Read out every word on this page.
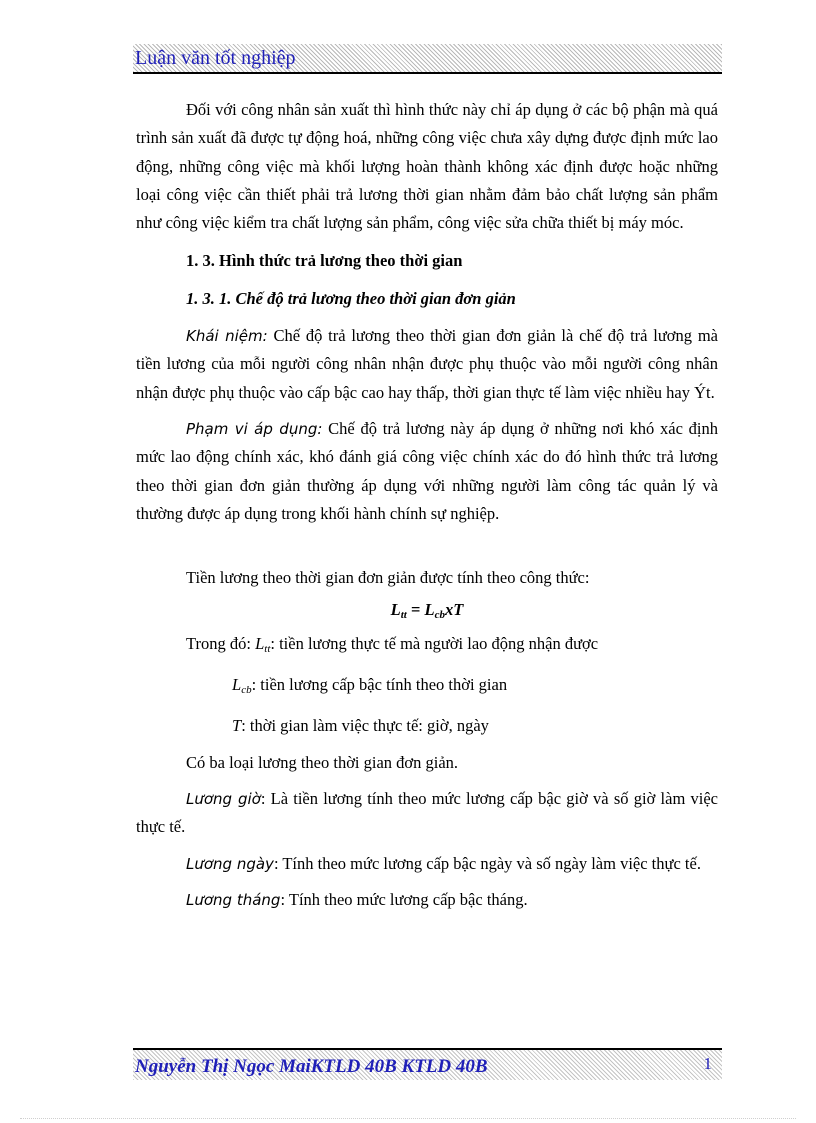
Luận văn tốt nghiệp

Đối với công nhân sản xuất thì hình thức này chỉ áp dụng ở các bộ phận mà quá trình sản xuất đã được tự động hoá, những công việc chưa xây dựng được định mức lao động, những công việc mà khối lượng hoàn thành không xác định được hoặc những loại công việc cần thiết phải trả lương thời gian nhằm đảm bảo chất lượng sản phẩm như công việc kiểm tra chất lượng sản phẩm, công việc sửa chữa thiết bị máy móc.

1. 3. Hình thức trả lương theo thời gian

1. 3. 1. Chế độ trả lương theo thời gian đơn giản

Khái niệm: Chế độ trả lương theo thời gian đơn giản là chế độ trả lương mà tiền lương của mỗi người công nhân nhận được phụ thuộc vào mỗi người công nhân nhận được phụ thuộc vào cấp bậc cao hay thấp, thời gian thực tế làm việc nhiều hay Ýt.

Phạm vi áp dụng: Chế độ trả lương này áp dụng ở những nơi khó xác định mức lao động chính xác, khó đánh giá công việc chính xác do đó hình thức trả lương theo thời gian đơn giản thường áp dụng với những người làm công tác quản lý và thường được áp dụng trong khối hành chính sự nghiệp.

Tiền lương theo thời gian đơn giản được tính theo công thức:

$L_{tt} = L_{cb}xT$

Trong đó: $L_{tt}$: tiền lương thực tế mà người lao động nhận được

$L_{cb}$: tiền lương cấp bậc tính theo thời gian

T: thời gian làm việc thực tế: giờ, ngày

Có ba loại lương theo thời gian đơn giản.

Lương giờ: Là tiền lương tính theo mức lương cấp bậc giờ và số giờ làm việc thực tế.

Lương ngày: Tính theo mức lương cấp bậc ngày và số ngày làm việc thực tế.

Lương tháng: Tính theo mức lương cấp bậc tháng.

Nguyễn Thị Ngọc MaiKTLD 40B KTLD 40B	1
